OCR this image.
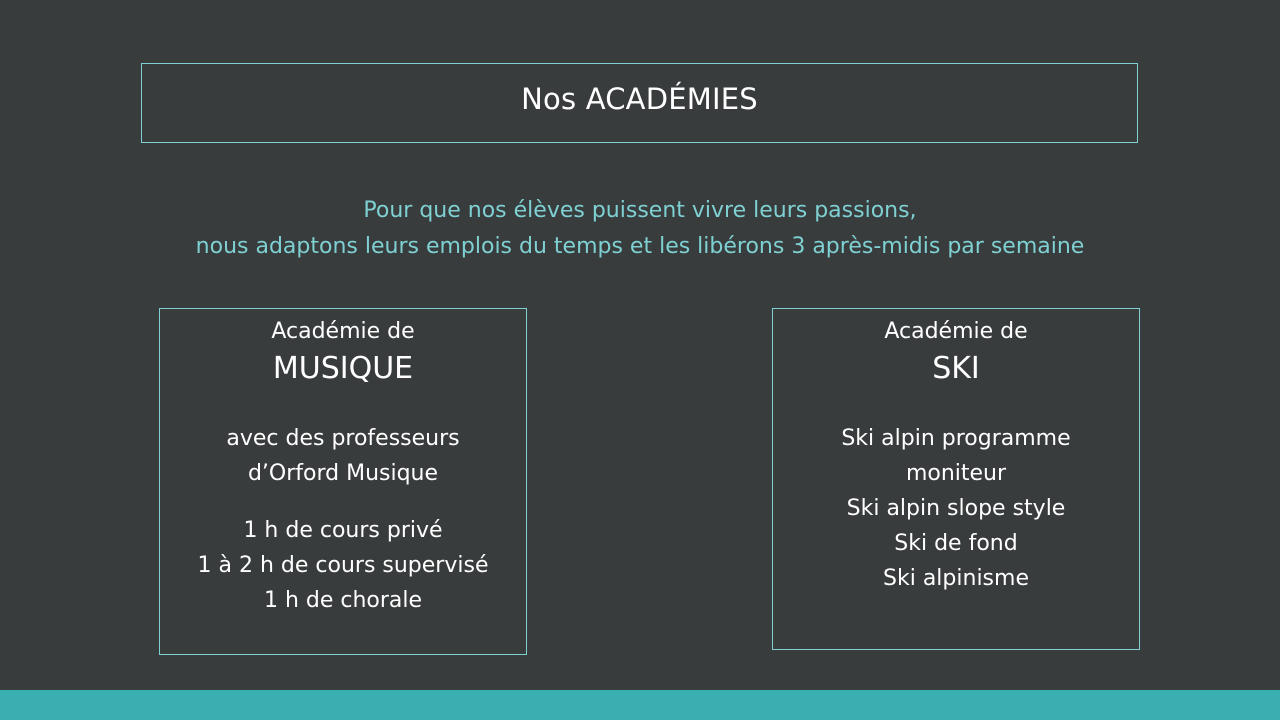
Nos ACADÉMIES
Pour que nos élèves puissent vivre leurs passions,
nous adaptons leurs emplois du temps et les libérons 3 après-midis par semaine
Académie de
MUSIQUE
avec des professeurs
d’Orford Musique
1 h de cours privé
1 à 2 h de cours supervisé
1 h de chorale
Académie de
SKI
Ski alpin programme
moniteur
Ski alpin slope style
Ski de fond
Ski alpinisme
